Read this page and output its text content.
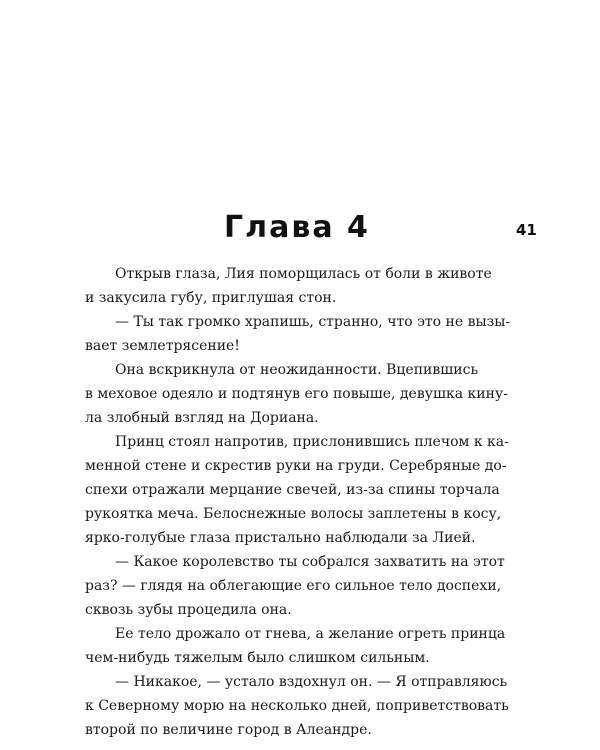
Глава 4	41
Открыв глаза, Лия поморщилась от боли в животе
и закусила губу, приглушая стон.
— Ты так громко храпишь, странно, что это не вызы-
вает землетрясение!
Она вскрикнула от неожиданности. Вцепившись
в меховое одеяло и подтянув его повыше, девушка кину-
ла злобный взгляд на Дориана.
Принц стоял напротив, прислонившись плечом к ка-
менной стене и скрестив руки на груди. Серебряные до-
спехи отражали мерцание свечей, из-за спины торчала
рукоятка меча. Белоснежные волосы заплетены в косу,
ярко-голубые глаза пристально наблюдали за Лией.
— Какое королевство ты собрался захватить на этот
раз? — глядя на облегающие его сильное тело доспехи,
сквозь зубы процедила она.
Ее тело дрожало от гнева, а желание огреть принца
чем-нибудь тяжелым было слишком сильным.
— Никакое, — устало вздохнул он. — Я отправляюсь
к Северному морю на несколько дней, поприветствовать
второй по величине город в Алеандре.
